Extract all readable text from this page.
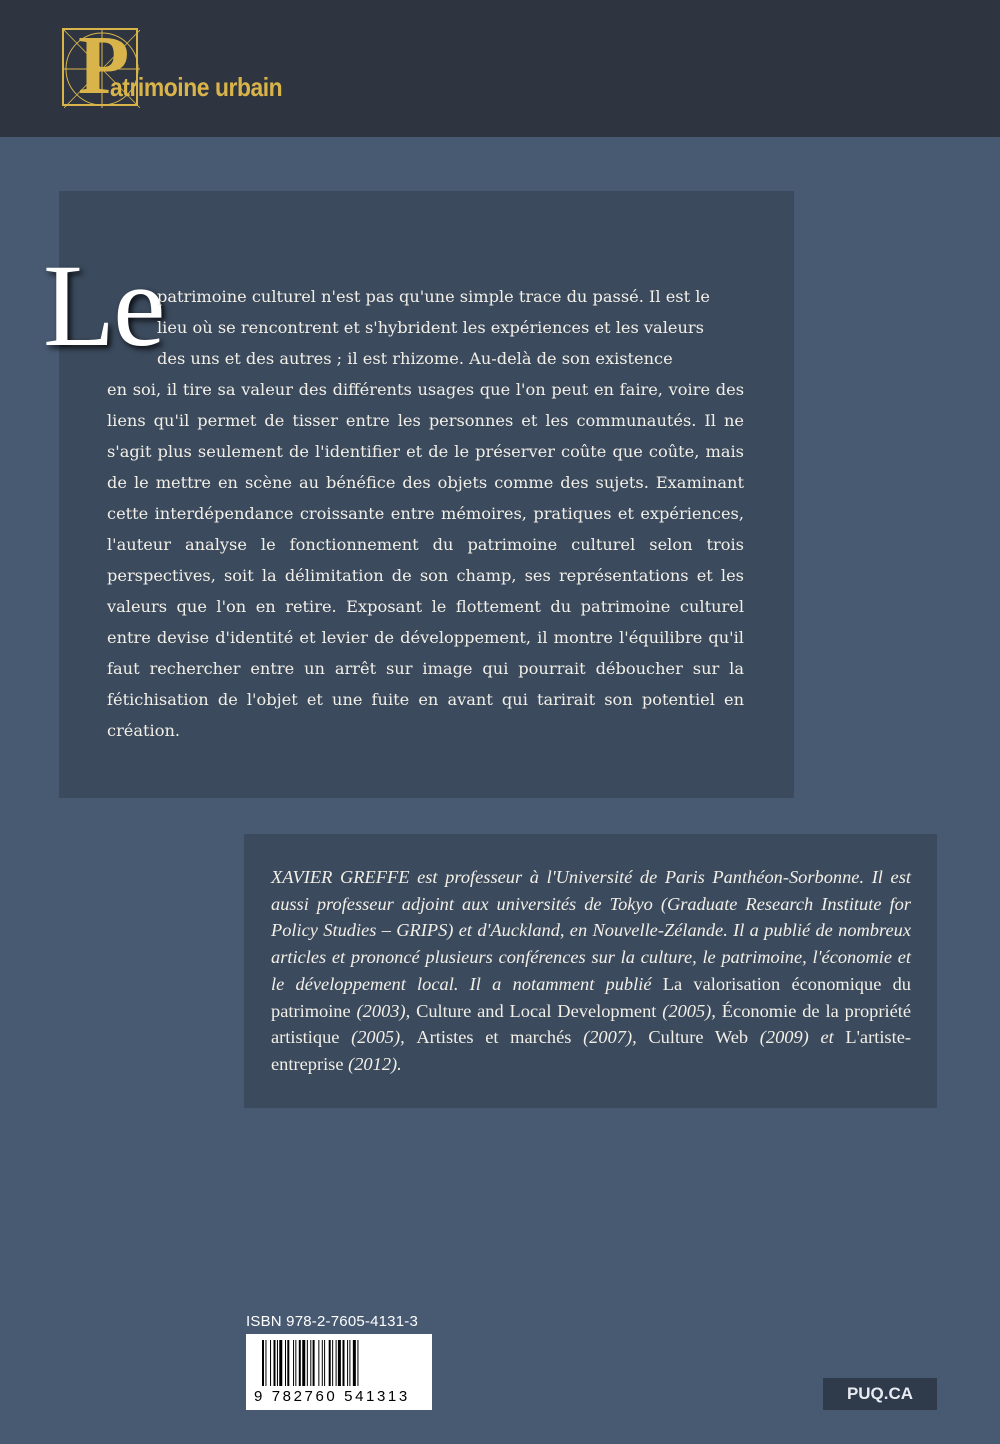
P
atrimoine urbain
Le
patrimoine culturel n'est pas qu'une simple trace du passé. Il est le
lieu où se rencontrent et s'hybrident les expériences et les valeurs
des uns et des autres ; il est rhizome. Au-delà de son existence
en soi, il tire sa valeur des différents usages que l'on peut en faire, voire des liens qu'il permet de tisser entre les personnes et les communautés. Il ne s'agit plus seulement de l'identifier et de le préserver coûte que coûte, mais de le mettre en scène au bénéfice des objets comme des sujets. Examinant cette interdépendance croissante entre mémoires, pratiques et expériences, l'auteur analyse le fonctionnement du patrimoine culturel selon trois perspectives, soit la délimitation de son champ, ses représentations et les valeurs que l'on en retire. Exposant le flottement du patrimoine culturel entre devise d'identité et levier de développement, il montre l'équilibre qu'il faut rechercher entre un arrêt sur image qui pourrait déboucher sur la fétichisation de l'objet et une fuite en avant qui tarirait son potentiel en création.

XAVIER GREFFE est professeur à l'Université de Paris Panthéon-Sorbonne. Il est aussi professeur adjoint aux universités de Tokyo (Graduate Research Institute for Policy Studies – GRIPS) et d'Auckland, en Nouvelle-Zélande. Il a publié de nombreux articles et prononcé plusieurs conférences sur la culture, le patrimoine, l'économie et le développement local. Il a notamment publié La valorisation économique du patrimoine (2003), Culture and Local Development (2005), Économie de la propriété artistique (2005), Artistes et marchés (2007), Culture Web (2009) et L'artiste-entreprise (2012).

ISBN 978-2-7605-4131-3
9 782760 541313	PUQ.CA
